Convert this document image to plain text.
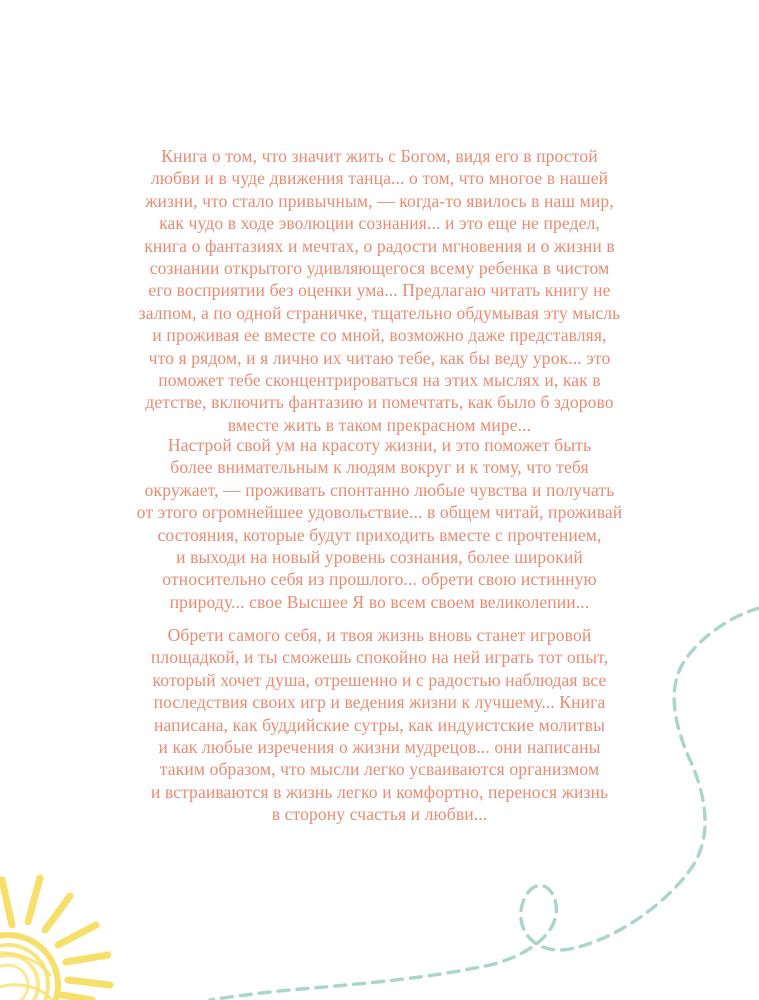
Книга о том, что значит жить с Богом, видя его в простой
любви и в чуде движения танца... о том, что многое в нашей
жизни, что стало привычным, — когда-то явилось в наш мир,
как чудо в ходе эволюции сознания... и это еще не предел,
книга о фантазиях и мечтах, о радости мгновения и о жизни в
сознании открытого удивляющегося всему ребенка в чистом
его восприятии без оценки ума... Предлагаю читать книгу не
залпом, а по одной страничке, тщательно обдумывая эту мысль
и проживая ее вместе со мной, возможно даже представляя,
что я рядом, и я лично их читаю тебе, как бы веду урок... это
поможет тебе сконцентрироваться на этих мыслях и, как в
детстве, включить фантазию и помечтать, как было б здорово
вместе жить в таком прекрасном мире...

Настрой свой ум на красоту жизни, и это поможет быть
более внимательным к людям вокруг и к тому, что тебя
окружает, — проживать спонтанно любые чувства и получать
от этого огромнейшее удовольствие... в общем читай, проживай
состояния, которые будут приходить вместе с прочтением,
и выходи на новый уровень сознания, более широкий
относительно себя из прошлого... обрети свою истинную
природу... свое Высшее Я во всем своем великолепии...

Обрети самого себя, и твоя жизнь вновь станет игровой
площадкой, и ты сможешь спокойно на ней играть тот опыт,
который хочет душа, отрешенно и с радостью наблюдая все
последствия своих игр и ведения жизни к лучшему... Книга
написана, как буддийские сутры, как индуистские молитвы
и как любые изречения о жизни мудрецов... они написаны
таким образом, что мысли легко усваиваются организмом
и встраиваются в жизнь легко и комфортно, перенося жизнь
в сторону счастья и любви...
